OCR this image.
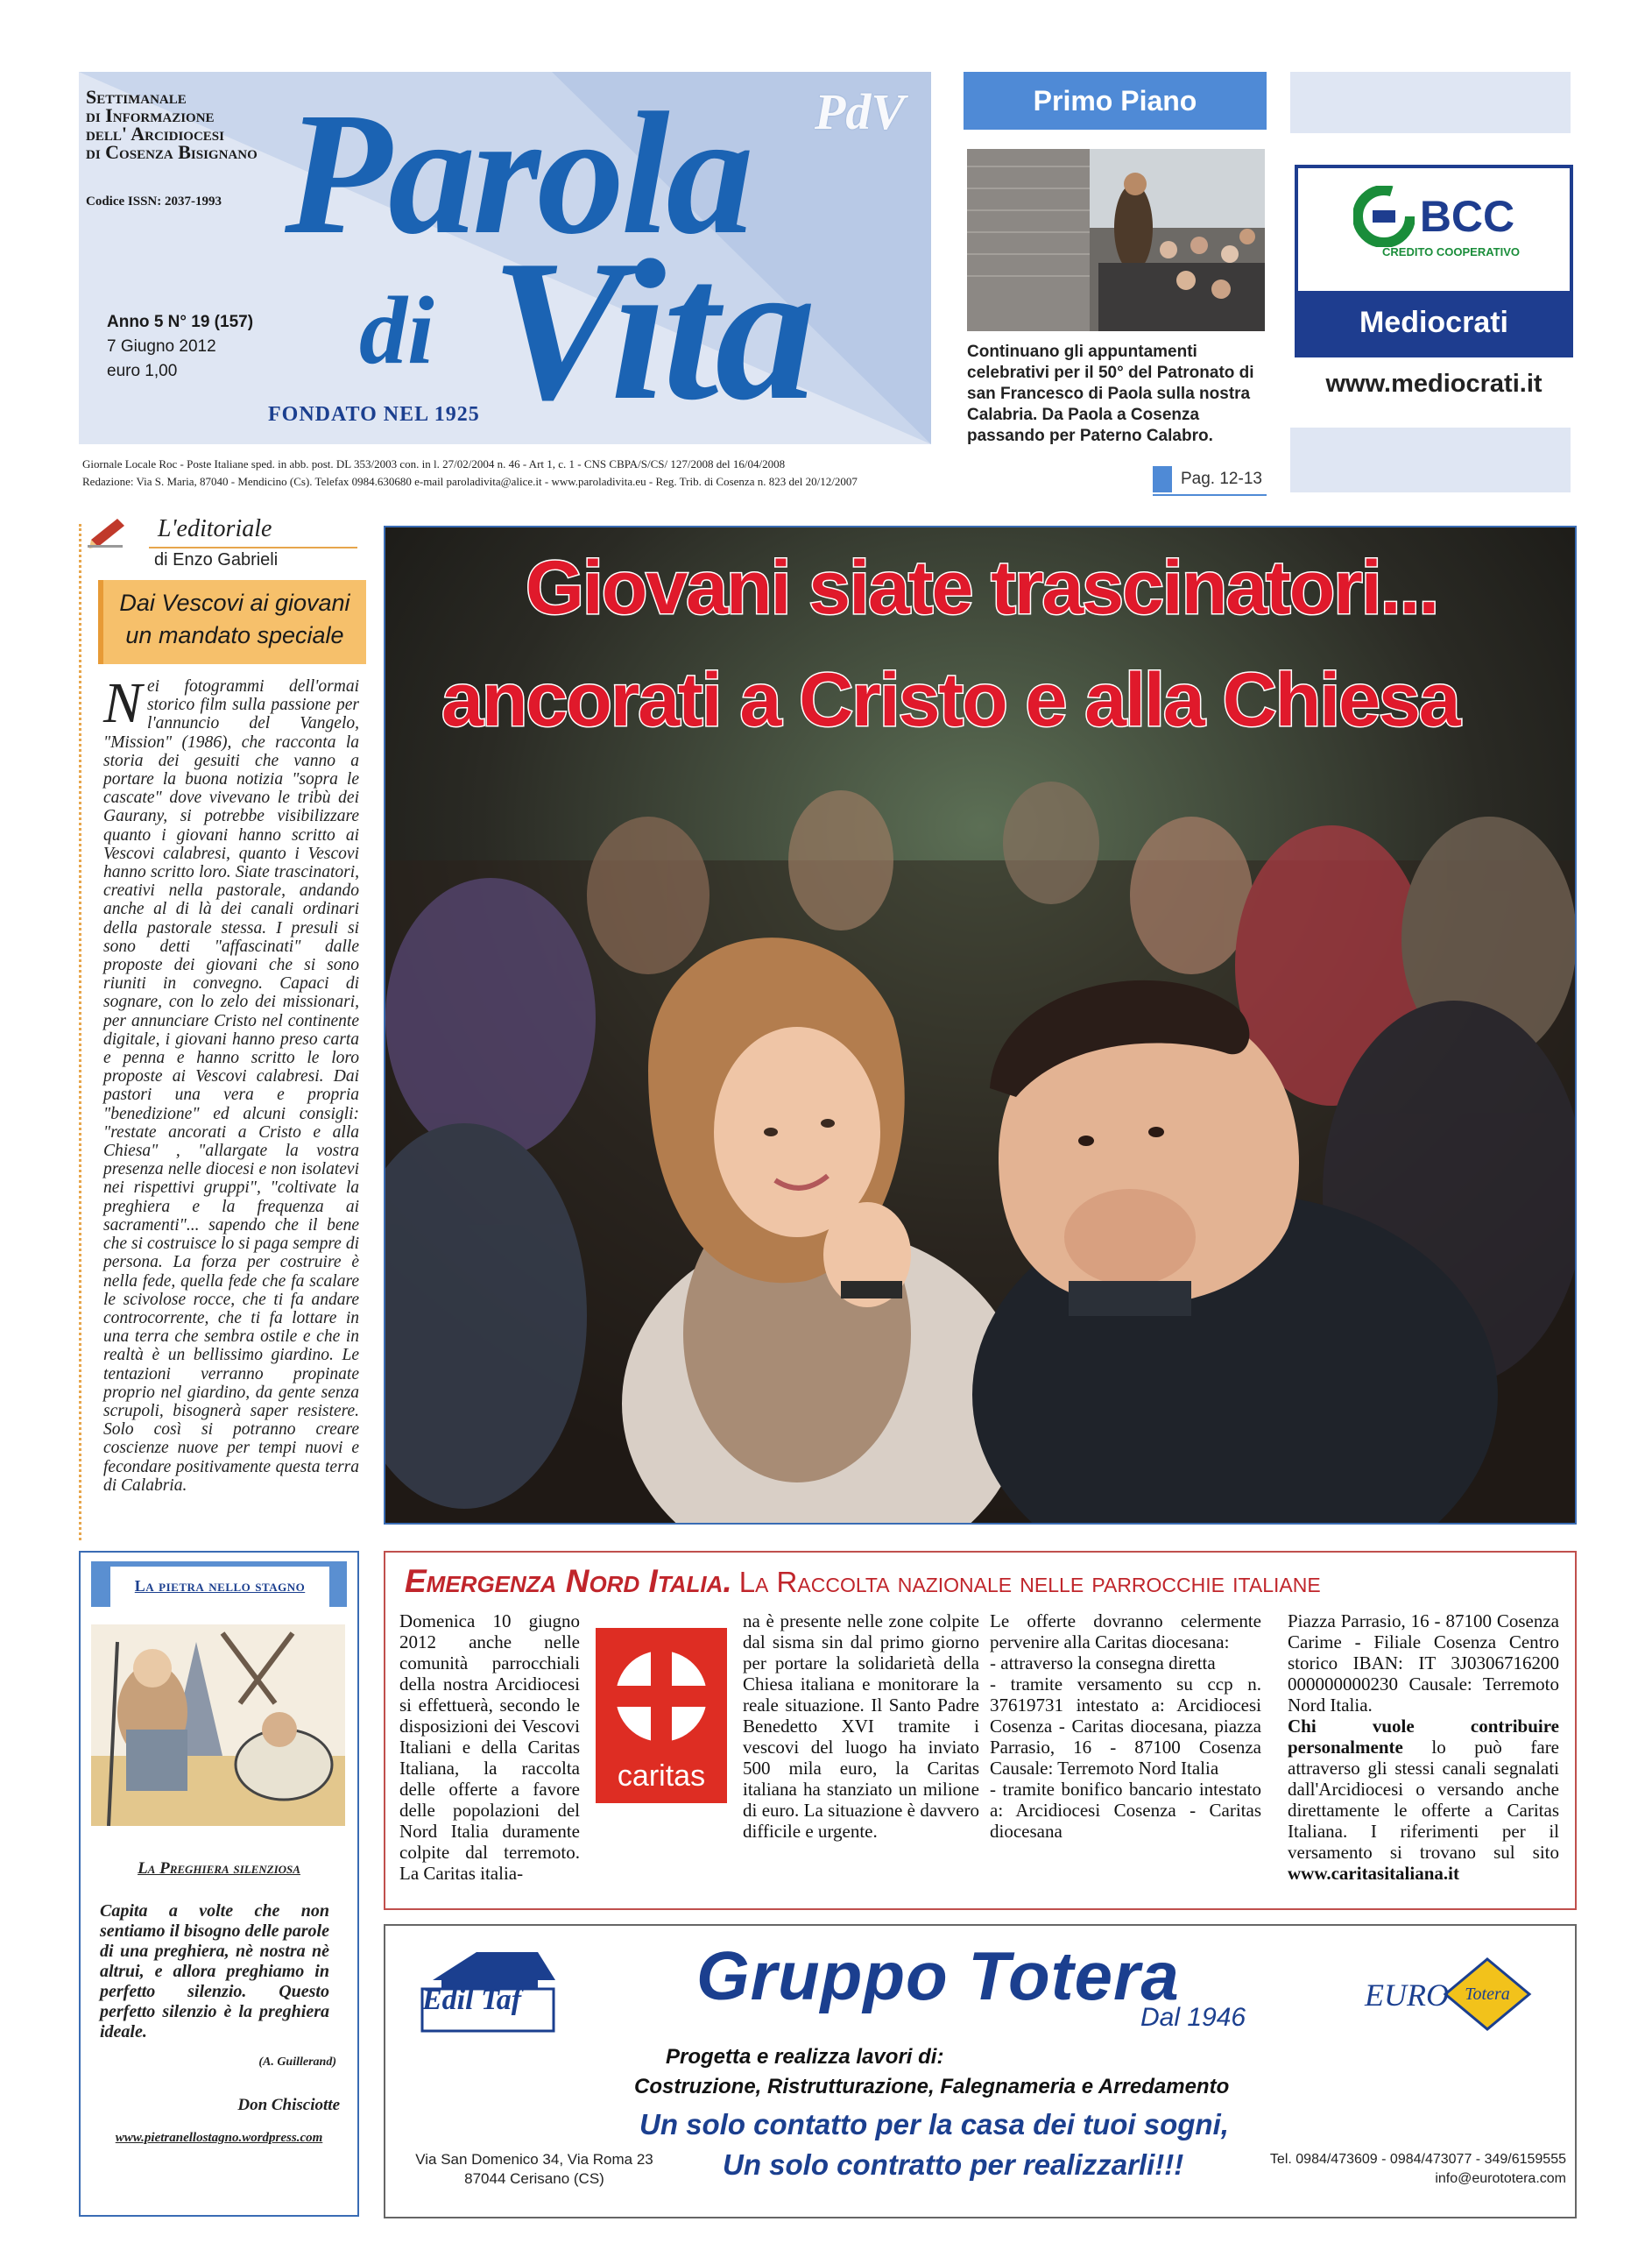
Settimanale
di Informazione
dell' Arcidiocesi
di Cosenza Bisignano
Codice ISSN: 2037-1993
Anno 5 N° 19 (157)
7 Giugno 2012
euro 1,00
Parola
di Vita
PdV
FONDATO NEL 1925
Giornale Locale Roc - Poste Italiane sped. in abb. post. DL 353/2003 con. in l. 27/02/2004 n. 46 - Art 1, c. 1 - CNS CBPA/S/CS/ 127/2008 del 16/04/2008
Redazione: Via S. Maria, 87040 - Mendicino (Cs). Telefax 0984.630680 e-mail paroladivita@alice.it - www.paroladivita.eu - Reg. Trib. di Cosenza n. 823 del 20/12/2007
Primo Piano
Continuano gli appuntamenti celebrativi per il 50° del Patronato di san Francesco di Paola sulla nostra Calabria. Da Paola a Cosenza passando per Paterno Calabro.
Pag. 12-13
BCC
CREDITO COOPERATIVO
Mediocrati
www.mediocrati.it
L'editoriale
di Enzo Gabrieli
Dai Vescovi ai giovani un mandato speciale

Nei fotogrammi dell'ormai storico film sulla passione per l'annuncio del Vangelo, "Mission" (1986), che racconta la storia dei gesuiti che vanno a portare la buona notizia "sopra le cascate" dove vivevano le tribù dei Gaurany, si potrebbe visibilizzare quanto i giovani hanno scritto ai Vescovi calabresi, quanto i Vescovi hanno scritto loro. Siate trascinatori, creativi nella pastorale, andando anche al di là dei canali ordinari della pastorale stessa. I presuli si sono detti "affascinati" dalle proposte dei giovani che si sono riuniti in convegno. Capaci di sognare, con lo zelo dei missionari, per annunciare Cristo nel continente digitale, i giovani hanno preso carta e penna e hanno scritto le loro proposte ai Vescovi calabresi. Dai pastori una vera e propria "benedizione" ed alcuni consigli: "restate ancorati a Cristo e alla Chiesa" , "allargate la vostra presenza nelle diocesi e non isolatevi nei rispettivi gruppi", "coltivate la preghiera e la frequenza ai sacramenti"... sapendo che il bene che si costruisce lo si paga sempre di persona. La forza per costruire è nella fede, quella fede che fa scalare le scivolose rocce, che ti fa andare controcorrente, che ti fa lottare in una terra che sembra ostile e che in realtà è un bellissimo giardino. Le tentazioni verranno propinate proprio nel giardino, da gente senza scrupoli, bisognerà saper resistere. Solo così si potranno creare coscienze nuove per tempi nuovi e fecondare positivamente questa terra di Calabria.

Giovani siate trascinatori...
ancorati a Cristo e alla Chiesa
La pietra nello stagno
La Preghiera silenziosa
Capita a volte che non sentiamo il bisogno delle parole di una preghiera, nè nostra nè altrui, e allora preghiamo in perfetto silenzio. Questo perfetto silenzio è la preghiera ideale.
(A. Guillerand)
Don Chisciotte
www.pietranellostagno.wordpress.com
Emergenza Nord Italia. La Raccolta nazionale nelle parrocchie italiane

Domenica 10 giugno 2012 anche nelle comunità parrocchiali della nostra Arcidiocesi si effettuerà, secondo le disposizioni dei Vescovi Italiani e della Caritas Italiana, la raccolta delle offerte a favore delle popolazioni del Nord Italia duramente colpite dal terremoto. La Caritas italia-

caritas

na è presente nelle zone colpite dal sisma sin dal primo giorno per portare la solidarietà della Chiesa italiana e monitorare la reale situazione. Il Santo Padre Benedetto XVI tramite i vescovi del luogo ha inviato 500 mila euro, la Caritas italiana ha stanziato un milione di euro. La situazione è davvero difficile e urgente.

Le offerte dovranno celermente pervenire alla Caritas diocesana:

- attraverso la consegna diretta

- tramite versamento su ccp n. 37619731 intestato a: Arcidiocesi Cosenza - Caritas diocesana, piazza Parrasio, 16 - 87100 Cosenza Causale: Terremoto Nord Italia

- tramite bonifico bancario intestato a: Arcidiocesi Cosenza - Caritas diocesana

Piazza Parrasio, 16 - 87100 Cosenza Carime - Filiale Cosenza Centro storico IBAN: IT 3J0306716200 000000000230 Causale: Terremoto Nord Italia.

Chi vuole contribuire personalmente lo può fare attraverso gli stessi canali segnalati dall'Arcidiocesi o versando anche direttamente le offerte a Caritas Italiana. I riferimenti per il versamento si trovano sul sito www.caritasitaliana.it

Edil Taf	Gruppo Totera
Dal 1946
Progetta e realizza lavori di:
Costruzione, Ristrutturazione, Falegnameria e Arredamento
Un solo contatto per la casa dei tuoi sogni,
Un solo contratto per realizzarli!!!
Via San Domenico 34, Via Roma 23
87044 Cerisano (CS)
Tel. 0984/473609 - 0984/473077 - 349/6159555
info@eurototera.com
Totera
EURO
